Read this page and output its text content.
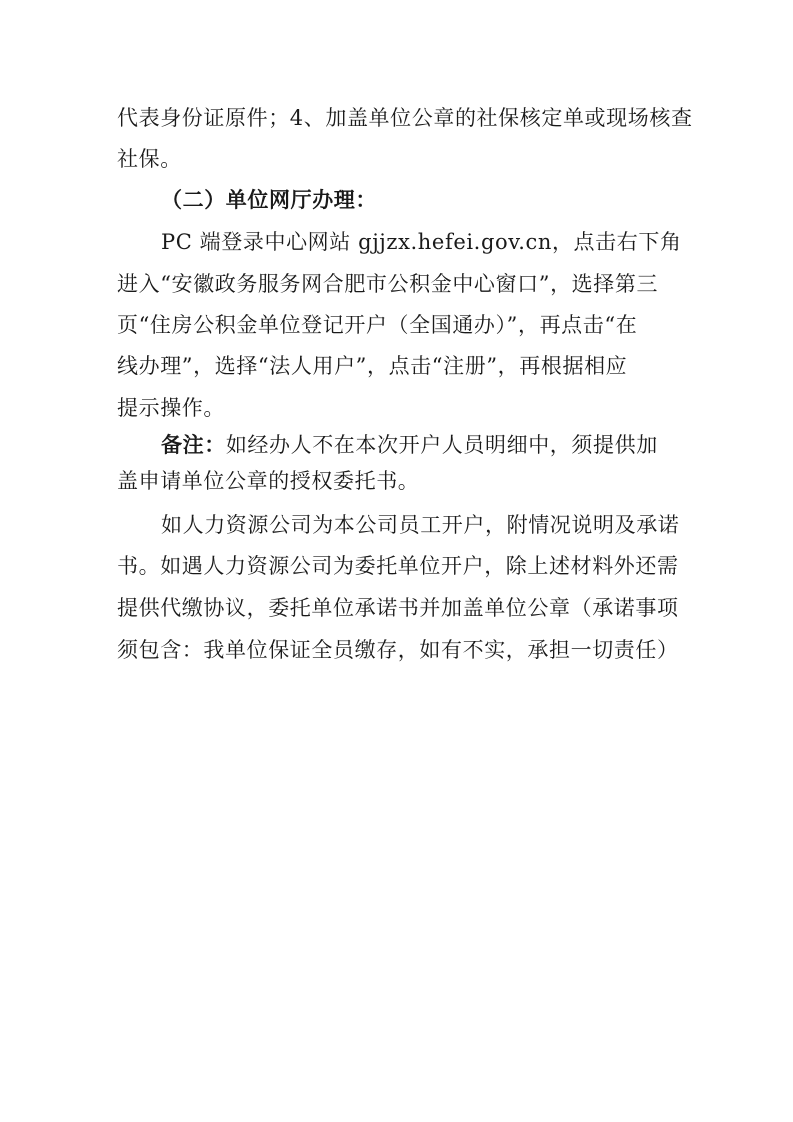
代表身份证原件；4、加盖单位公章的社保核定单或现场核查
社保。
（二）单位网厅办理：
PC 端登录中心网站 gjjzx.hefei.gov.cn，点击右下角
进入“安徽政务服务网合肥市公积金中心窗口”，选择第三
页“住房公积金单位登记开户（全国通办）”，再点击“在
线办理”，选择“法人用户”，点击“注册”，再根据相应
提示操作。
备注：如经办人不在本次开户人员明细中，须提供加
盖申请单位公章的授权委托书。
如人力资源公司为本公司员工开户，附情况说明及承诺
书。如遇人力资源公司为委托单位开户，除上述材料外还需
提供代缴协议，委托单位承诺书并加盖单位公章（承诺事项
须包含：我单位保证全员缴存，如有不实，承担一切责任）
